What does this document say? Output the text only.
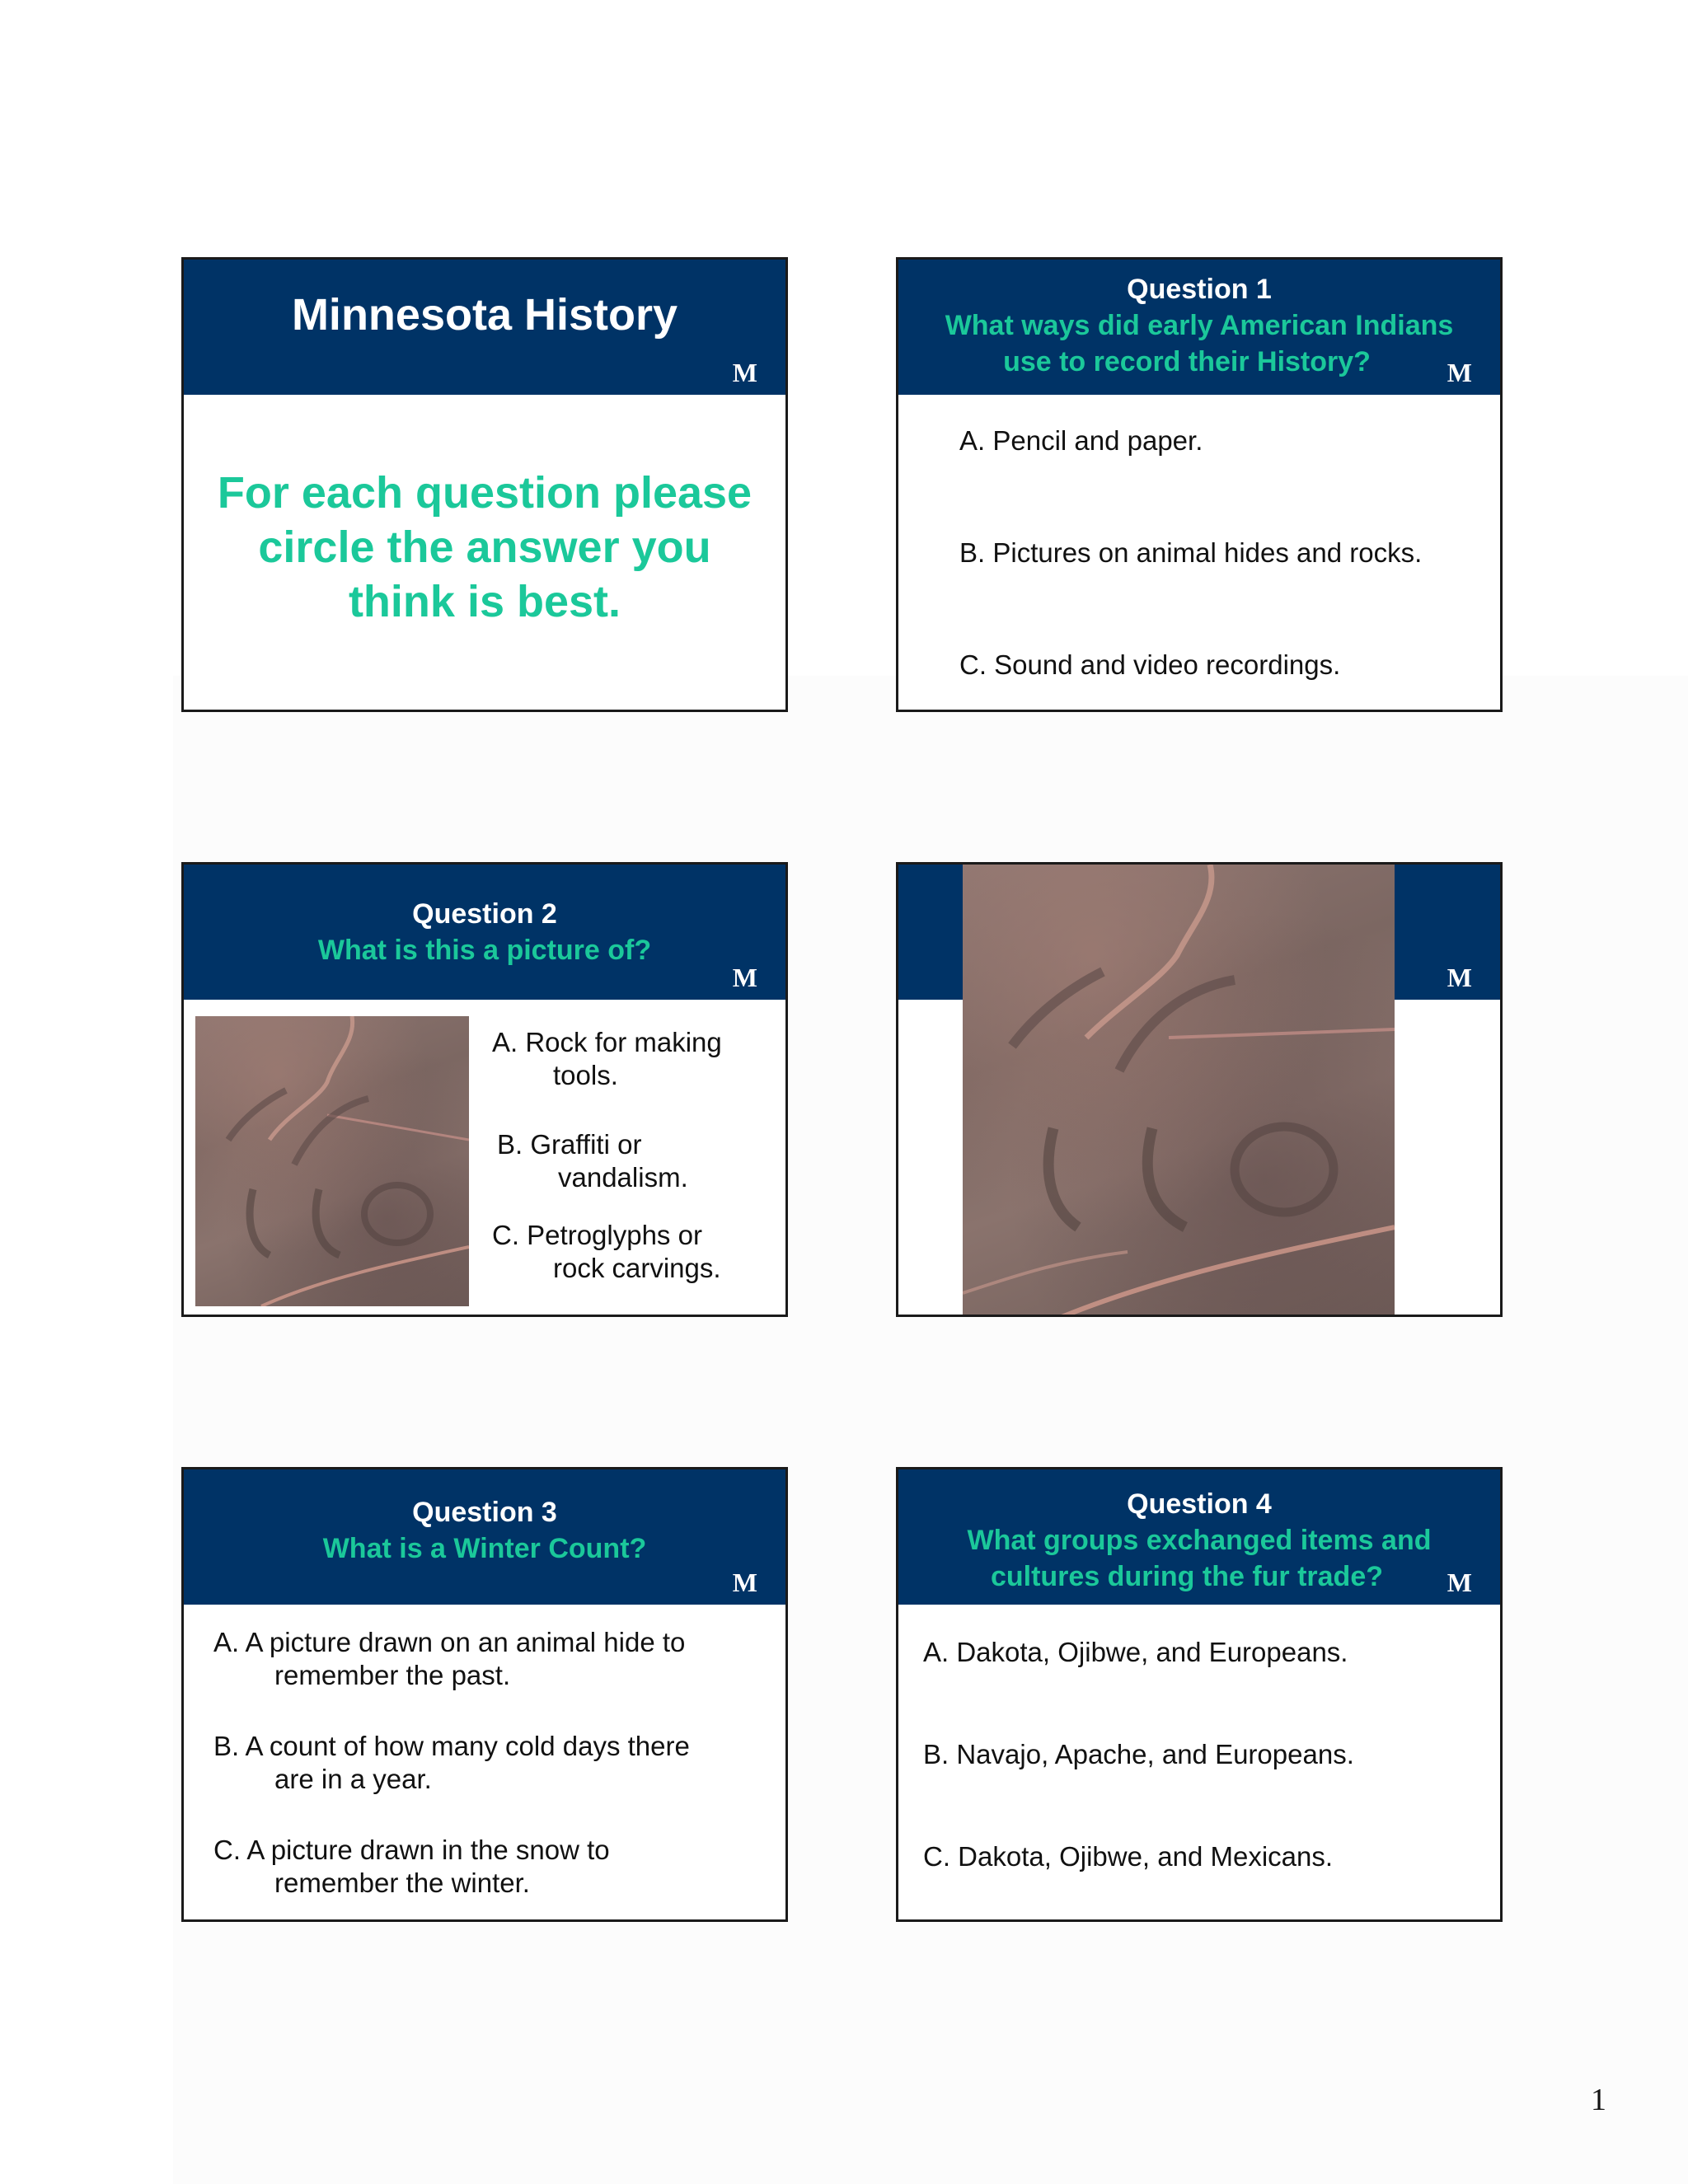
Minnesota History
M
For each question please
circle the answer you
think is best.
Question 1
What ways did early American Indians
use to record their History?	M
A. Pencil and paper.
B. Pictures on animal hides and rocks.
C. Sound and video recordings.
Question 2
What is this a picture of?
M
A. Rock for making
tools.
B. Graffiti or
vandalism.
C. Petroglyphs or
rock carvings.
M
Question 3
What is a Winter Count?
M
A. A picture drawn on an animal hide to
remember the past.
B. A count of how many cold days there
are in a year.
C. A picture drawn in the snow to
remember the winter.
Question 4
What groups exchanged items and
cultures during the fur trade?	M
A. Dakota, Ojibwe, and Europeans.
B. Navajo, Apache, and Europeans.
C. Dakota, Ojibwe, and Mexicans.
1
